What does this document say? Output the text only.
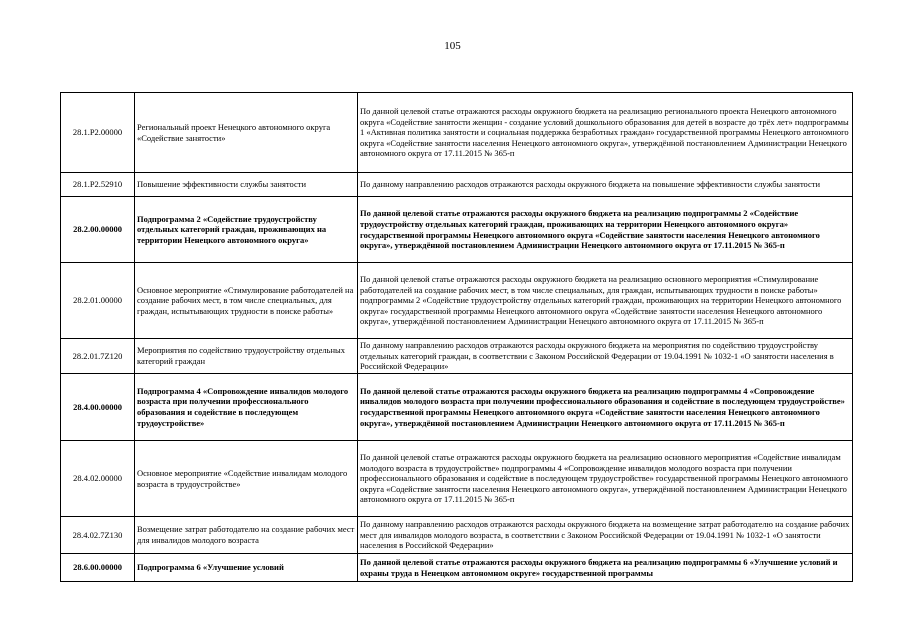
105
28.1.P2.00000	Региональный проект Ненецкого автономного округа «Содействие занятости»	По данной целевой статье отражаются расходы окружного бюджета на реализацию регионального проекта Ненецкого автономного округа «Содействие занятости женщин - создание условий дошкольного образования для детей в возрасте до трёх лет» подпрограммы 1 «Активная политика занятости и социальная поддержка безработных граждан» государственной программы Ненецкого автономного округа «Содействие занятости населения Ненецкого автономного округа», утверждённой постановлением Администрации Ненецкого автономного округа от 17.11.2015 № 365-п
28.1.P2.52910	Повышение эффективности службы занятости	По данному направлению расходов отражаются расходы окружного бюджета на повышение эффективности службы занятости
28.2.00.00000	Подпрограмма 2 «Содействие трудоустройству отдельных категорий граждан, проживающих на территории Ненецкого автономного округа»	По данной целевой статье отражаются расходы окружного бюджета на реализацию подпрограммы 2 «Содействие трудоустройству отдельных категорий граждан, проживающих на территории Ненецкого автономного округа» государственной программы Ненецкого автономного округа «Содействие занятости населения Ненецкого автономного округа», утверждённой постановлением Администрации Ненецкого автономного округа от 17.11.2015 № 365-п
28.2.01.00000	Основное мероприятие «Стимулирование работодателей на создание рабочих мест, в том числе специальных, для граждан, испытывающих трудности в поиске работы»	По данной целевой статье отражаются расходы окружного бюджета на реализацию основного мероприятия «Стимулирование работодателей на создание рабочих мест, в том числе специальных, для граждан, испытывающих трудности в поиске работы» подпрограммы 2 «Содействие трудоустройству отдельных категорий граждан, проживающих на территории Ненецкого автономного округа» государственной программы Ненецкого автономного округа «Содействие занятости населения Ненецкого автономного округа», утверждённой постановлением Администрации Ненецкого автономного округа от 17.11.2015 № 365-п
28.2.01.7Z120	Мероприятия по содействию трудоустройству отдельных категорий граждан	По данному направлению расходов отражаются расходы окружного бюджета на мероприятия по содействию трудоустройству отдельных категорий граждан, в соответствии с Законом Российской Федерации от 19.04.1991 № 1032-1 «О занятости населения в Российской Федерации»
28.4.00.00000	Подпрограмма 4 «Сопровождение инвалидов молодого возраста при получении профессионального образования и содействие в последующем трудоустройстве»	По данной целевой статье отражаются расходы окружного бюджета на реализацию подпрограммы 4 «Сопровождение инвалидов молодого возраста при получении профессионального образования и содействие в последующем трудоустройстве» государственной программы Ненецкого автономного округа «Содействие занятости населения Ненецкого автономного округа», утверждённой постановлением Администрации Ненецкого автономного округа от 17.11.2015 № 365-п
28.4.02.00000	Основное мероприятие «Содействие инвалидам молодого возраста в трудоустройстве»	По данной целевой статье отражаются расходы окружного бюджета на реализацию основного мероприятия «Содействие инвалидам молодого возраста в трудоустройстве» подпрограммы 4 «Сопровождение инвалидов молодого возраста при получении профессионального образования и содействие в последующем трудоустройстве» государственной программы Ненецкого автономного округа «Содействие занятости населения Ненецкого автономного округа», утверждённой постановлением Администрации Ненецкого автономного округа от 17.11.2015 № 365-п
28.4.02.7Z130	Возмещение затрат работодателю на создание рабочих мест для инвалидов молодого возраста	По данному направлению расходов отражаются расходы окружного бюджета на возмещение затрат работодателю на создание рабочих мест для инвалидов молодого возраста, в соответствии с Законом Российской Федерации от 19.04.1991 № 1032-1 «О занятости населения в Российской Федерации»
28.6.00.00000	Подпрограмма 6 «Улучшение условий	По данной целевой статье отражаются расходы окружного бюджета на реализацию подпрограммы 6 «Улучшение условий и охраны труда в Ненецком автономном округе» государственной программы
